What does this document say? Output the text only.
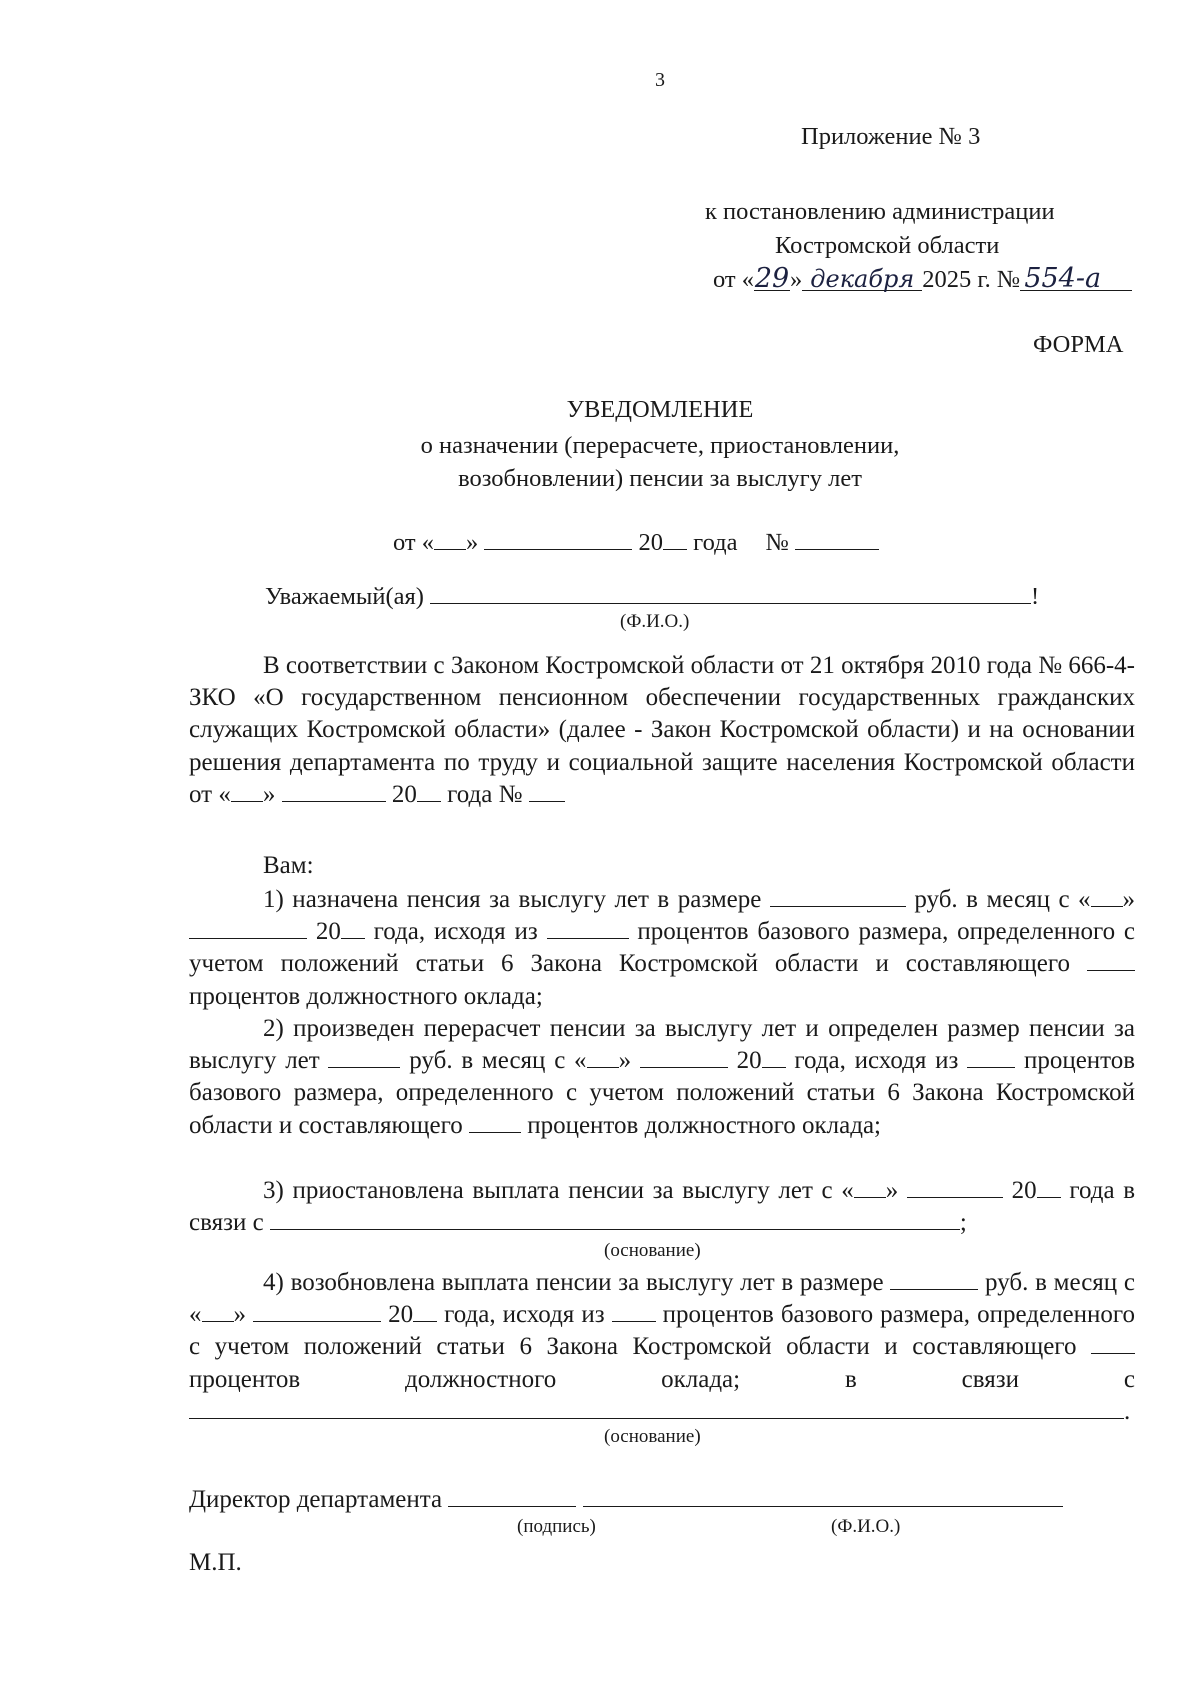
3
Приложение № 3
к постановлению администрации
Костромской области
от «29» декабря 2025 г. № 554-а
ФОРМА
УВЕДОМЛЕНИЕ
о назначении (перерасчете, приостановлении,
возобновлении) пенсии за выслугу лет
от « »	20 года №
Уважаемый(ая)	!
(Ф.И.О.)
В соответствии с Законом Костромской области от 21 октября 2010 года № 666-4-ЗКО «О государственном пенсионном обеспечении государственных гражданских служащих Костромской области» (далее - Закон Костромской области) и на основании решения департамента по труду и социальной защите населения Костромской области от « »	20 года №
Вам:
1) назначена пенсия за выслугу лет в размере	руб. в месяц с « »  20 года, исходя из	процентов базового размера, определенного с учетом положений статьи 6 Закона Костромской области и составляющего  процентов должностного оклада;
2) произведен перерасчет пенсии за выслугу лет и определен размер пенсии за выслугу лет	руб. в месяц с « »	20 года, исходя из	процентов базового размера, определенного с учетом положений статьи 6 Закона Костромской области и составляющего	процентов должностного оклада;
3) приостановлена выплата пенсии за выслугу лет с « »	20 года в связи с	;
(основание)
4) возобновлена выплата пенсии за выслугу лет в размере	руб. в месяц с « »	20 года, исходя из процентов базового размера, определенного с учетом положений статьи 6 Закона Костромской области и составляющего  процентов должностного оклада; в связи с .
(основание)
Директор департамента
(подпись)	(Ф.И.О.)
М.П.
